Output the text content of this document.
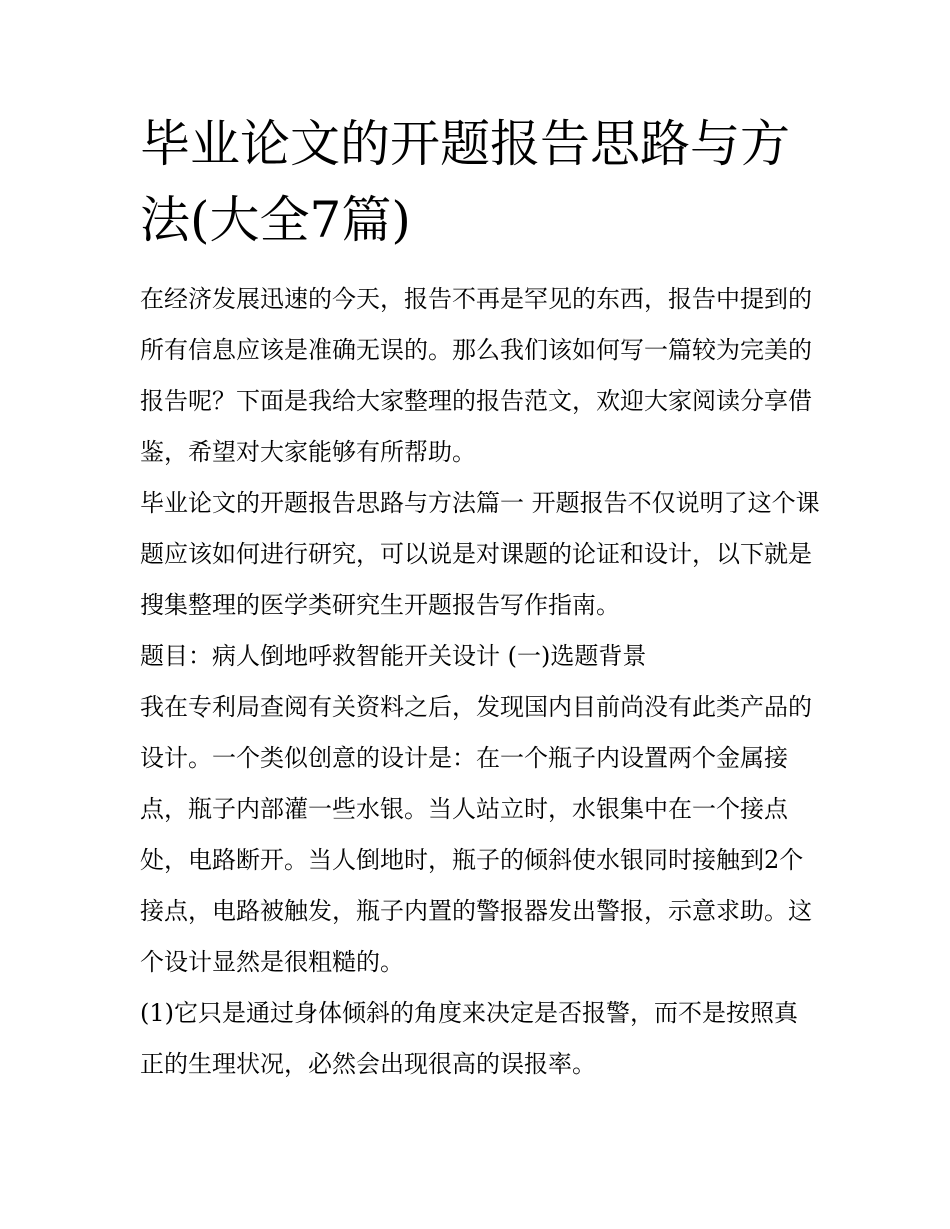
毕业论文的开题报告思路与方法(大全7篇)

在经济发展迅速的今天，报告不再是罕见的东西，报告中提到的所有信息应该是准确无误的。那么我们该如何写一篇较为完美的报告呢？下面是我给大家整理的报告范文，欢迎大家阅读分享借鉴，希望对大家能够有所帮助。

毕业论文的开题报告思路与方法篇一 开题报告不仅说明了这个课题应该如何进行研究，可以说是对课题的论证和设计，以下就是搜集整理的医学类研究生开题报告写作指南。

题目：病人倒地呼救智能开关设计 (一)选题背景

我在专利局查阅有关资料之后，发现国内目前尚没有此类产品的设计。一个类似创意的设计是：在一个瓶子内设置两个金属接点，瓶子内部灌一些水银。当人站立时，水银集中在一个接点处，电路断开。当人倒地时，瓶子的倾斜使水银同时接触到2个接点，电路被触发，瓶子内置的警报器发出警报，示意求助。这个设计显然是很粗糙的。

(1)它只是通过身体倾斜的角度来决定是否报警，而不是按照真正的生理状况，必然会出现很高的误报率。
